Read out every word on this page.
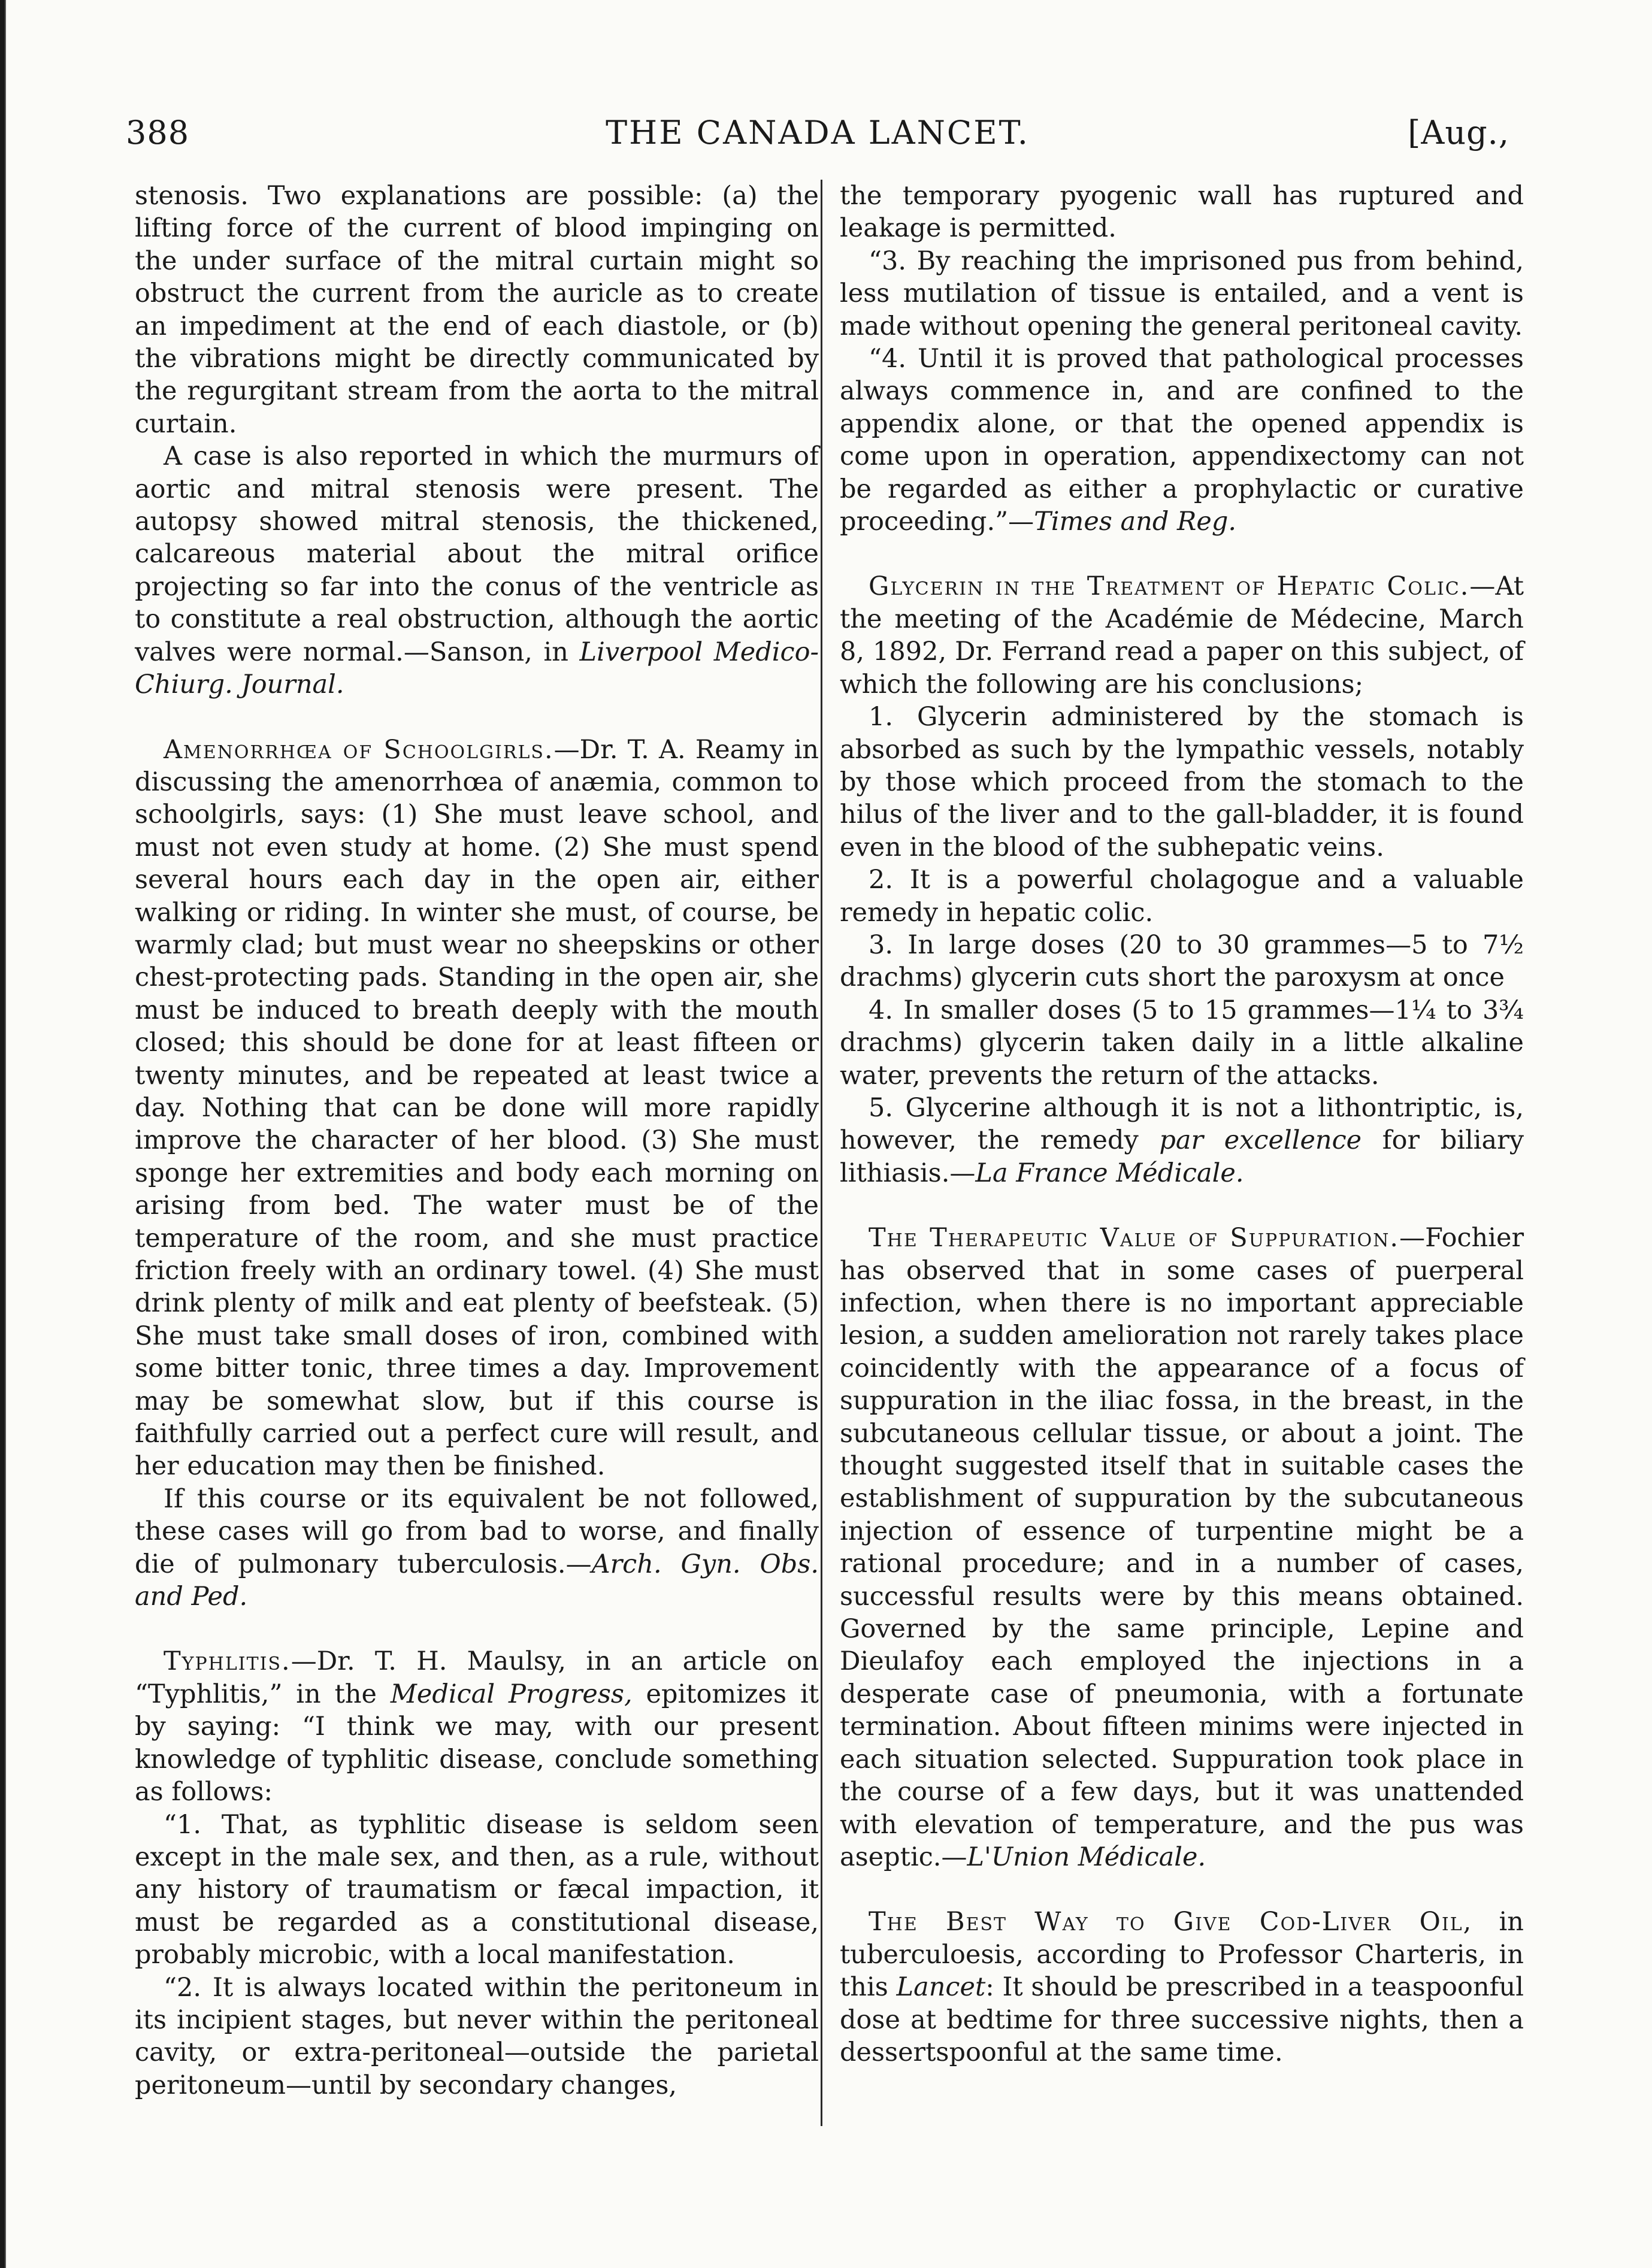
388	THE CANADA LANCET.	[Aug.,

stenosis. Two explanations are possible: (a) the lifting force of the current of blood impinging on the under surface of the mitral curtain might so obstruct the current from the auricle as to create an impediment at the end of each diastole, or (b) the vibrations might be directly communicated by the regurgitant stream from the aorta to the mitral curtain.

A case is also reported in which the murmurs of aortic and mitral stenosis were present. The autopsy showed mitral stenosis, the thickened, calcareous material about the mitral orifice projecting so far into the conus of the ventricle as to constitute a real obstruction, although the aortic valves were normal.—Sanson, in Liverpool Medico-Chiurg. Journal.

Amenorrhœa of Schoolgirls.—Dr. T. A. Reamy in discussing the amenorrhœa of anæmia, common to schoolgirls, says: (1) She must leave school, and must not even study at home. (2) She must spend several hours each day in the open air, either walking or riding. In winter she must, of course, be warmly clad; but must wear no sheepskins or other chest-protecting pads. Standing in the open air, she must be induced to breath deeply with the mouth closed; this should be done for at least fifteen or twenty minutes, and be repeated at least twice a day. Nothing that can be done will more rapidly improve the character of her blood. (3) She must sponge her extremities and body each morning on arising from bed. The water must be of the temperature of the room, and she must practice friction freely with an ordinary towel. (4) She must drink plenty of milk and eat plenty of beefsteak. (5) She must take small doses of iron, combined with some bitter tonic, three times a day. Improvement may be somewhat slow, but if this course is faithfully carried out a perfect cure will result, and her education may then be finished.

If this course or its equivalent be not followed, these cases will go from bad to worse, and finally die of pulmonary tuberculosis.—Arch. Gyn. Obs. and Ped.

Typhlitis.—Dr. T. H. Maulsy, in an article on “Typhlitis,” in the Medical Progress, epitomizes it by saying: “I think we may, with our present knowledge of typhlitic disease, conclude something as follows:

“1. That, as typhlitic disease is seldom seen except in the male sex, and then, as a rule, without any history of traumatism or fæcal impaction, it must be regarded as a constitutional disease, probably microbic, with a local manifestation.

“2. It is always located within the peritoneum in its incipient stages, but never within the peritoneal cavity, or extra-peritoneal—outside the parietal peritoneum—until by secondary changes,

the temporary pyogenic wall has ruptured and leakage is permitted.

“3. By reaching the imprisoned pus from behind, less mutilation of tissue is entailed, and a vent is made without opening the general peritoneal cavity.

“4. Until it is proved that pathological processes always commence in, and are confined to the appendix alone, or that the opened appendix is come upon in operation, appendixectomy can not be regarded as either a prophylactic or curative proceeding.”—Times and Reg.

Glycerin in the Treatment of Hepatic Colic.—At the meeting of the Académie de Médecine, March 8, 1892, Dr. Ferrand read a paper on this subject, of which the following are his conclusions;

1. Glycerin administered by the stomach is absorbed as such by the lympathic vessels, notably by those which proceed from the stomach to the hilus of the liver and to the gall-bladder, it is found even in the blood of the subhepatic veins.

2. It is a powerful cholagogue and a valuable remedy in hepatic colic.

3. In large doses (20 to 30 grammes—5 to 7½ drachms) glycerin cuts short the paroxysm at once

4. In smaller doses (5 to 15 grammes—1¼ to 3¾ drachms) glycerin taken daily in a little alkaline water, prevents the return of the attacks.

5. Glycerine although it is not a lithontriptic, is, however, the remedy par excellence for biliary lithiasis.—La France Médicale.

The Therapeutic Value of Suppuration.—Fochier has observed that in some cases of puerperal infection, when there is no important appreciable lesion, a sudden amelioration not rarely takes place coincidently with the appearance of a focus of suppuration in the iliac fossa, in the breast, in the subcutaneous cellular tissue, or about a joint. The thought suggested itself that in suitable cases the establishment of suppuration by the subcutaneous injection of essence of turpentine might be a rational procedure; and in a number of cases, successful results were by this means obtained. Governed by the same principle, Lepine and Dieulafoy each employed the injections in a desperate case of pneumonia, with a fortunate termination. About fifteen minims were injected in each situation selected. Suppuration took place in the course of a few days, but it was unattended with elevation of temperature, and the pus was aseptic.—L'Union Médicale.

The Best Way to Give Cod-Liver Oil, in tuberculoesis, according to Professor Charteris, in this Lancet: It should be prescribed in a teaspoonful dose at bedtime for three successive nights, then a dessertspoonful at the same time.
